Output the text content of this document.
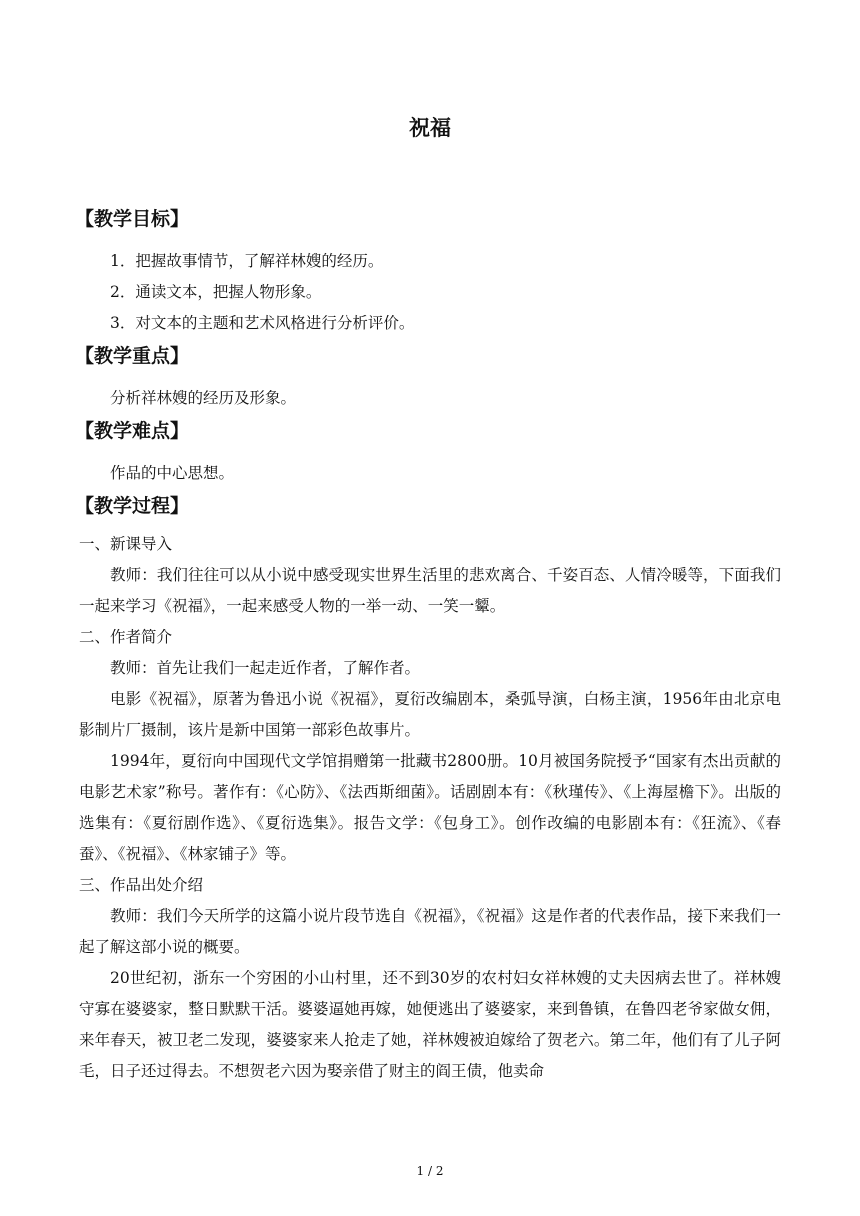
祝福
【教学目标】
1．把握故事情节，了解祥林嫂的经历。
2．通读文本，把握人物形象。
3．对文本的主题和艺术风格进行分析评价。
【教学重点】
分析祥林嫂的经历及形象。
【教学难点】
作品的中心思想。
【教学过程】
一、新课导入
教师：我们往往可以从小说中感受现实世界生活里的悲欢离合、千姿百态、人情冷暖等，下面我们一起来学习《祝福》，一起来感受人物的一举一动、一笑一颦。
二、作者简介
教师：首先让我们一起走近作者，了解作者。
电影《祝福》，原著为鲁迅小说《祝福》，夏衍改编剧本，桑弧导演，白杨主演，1956年由北京电影制片厂摄制，该片是新中国第一部彩色故事片。
1994年，夏衍向中国现代文学馆捐赠第一批藏书2800册。10月被国务院授予“国家有杰出贡献的电影艺术家”称号。著作有：《心防》、《法西斯细菌》。话剧剧本有：《秋瑾传》、《上海屋檐下》。出版的选集有：《夏衍剧作选》、《夏衍选集》。报告文学：《包身工》。创作改编的电影剧本有：《狂流》、《春蚕》、《祝福》、《林家铺子》等。
三、作品出处介绍
教师：我们今天所学的这篇小说片段节选自《祝福》，《祝福》这是作者的代表作品，接下来我们一起了解这部小说的概要。
20世纪初，浙东一个穷困的小山村里，还不到30岁的农村妇女祥林嫂的丈夫因病去世了。祥林嫂守寡在婆婆家，整日默默干活。婆婆逼她再嫁，她便逃出了婆婆家，来到鲁镇，在鲁四老爷家做女佣，来年春天，被卫老二发现，婆婆家来人抢走了她，祥林嫂被迫嫁给了贺老六。第二年，他们有了儿子阿毛，日子还过得去。不想贺老六因为娶亲借了财主的阎王债，他卖命
1 / 2
